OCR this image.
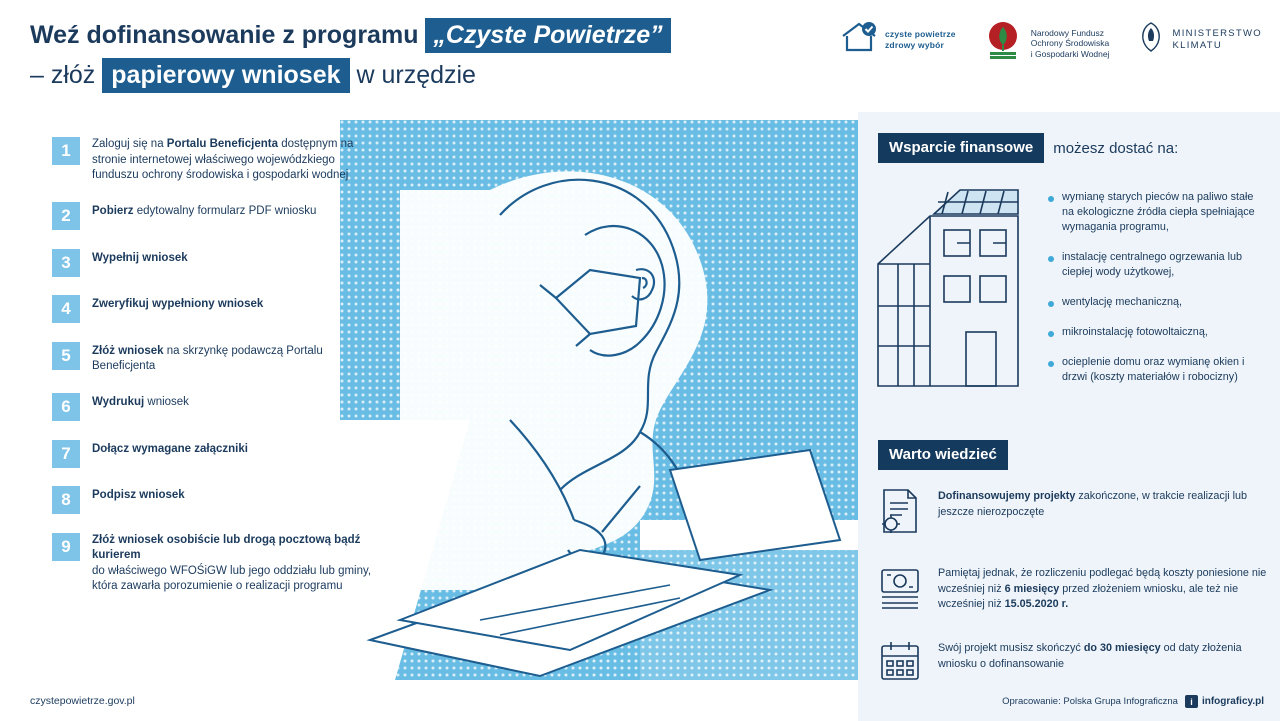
Weź dofinansowanie z programu „Czyste Powietrze”
– złóż papierowy wniosek w urzędzie
czyste powietrze
zdrowy wybór
Narodowy Fundusz
Ochrony Środowiska
i Gospodarki Wodnej
MINISTERSTWO
KLIMATU
1	Zaloguj się na Portalu Beneficjenta dostępnym na stronie internetowej właściwego wojewódzkiego funduszu ochrony środowiska i gospodarki wodnej
2	Pobierz edytowalny formularz PDF wniosku
3	Wypełnij wniosek
4	Zweryfikuj wypełniony wniosek
5	Złóż wniosek na skrzynkę podawczą Portalu Beneficjenta
6	Wydrukuj wniosek
7	Dołącz wymagane załączniki
8	Podpisz wniosek
9	Złóż wniosek osobiście lub drogą pocztową bądź kurierem
do właściwego WFOŚiGW lub jego oddziału lub gminy,
która zawarła porozumienie o realizacji programu
Wsparcie finansowe	możesz dostać na:
wymianę starych pieców na paliwo stałe na ekologiczne źródła ciepła spełniające wymagania programu,
instalację centralnego ogrzewania lub ciepłej wody użytkowej,
wentylację mechaniczną,
mikroinstalację fotowoltaiczną,
ocieplenie domu oraz wymianę okien i drzwi (koszty materiałów i robocizny)
Warto wiedzieć
Dofinansowujemy projekty zakończone, w trakcie realizacji lub jeszcze nierozpoczęte
Pamiętaj jednak, że rozliczeniu podlegać będą koszty poniesione nie wcześniej niż 6 miesięcy przed złożeniem wniosku, ale też nie wcześniej niż 15.05.2020 r.
Swój projekt musisz skończyć do 30 miesięcy od daty złożenia wniosku o dofinansowanie
czystepowietrze.gov.pl	Opracowanie: Polska Grupa Infograficzna	i infograficy.pl
